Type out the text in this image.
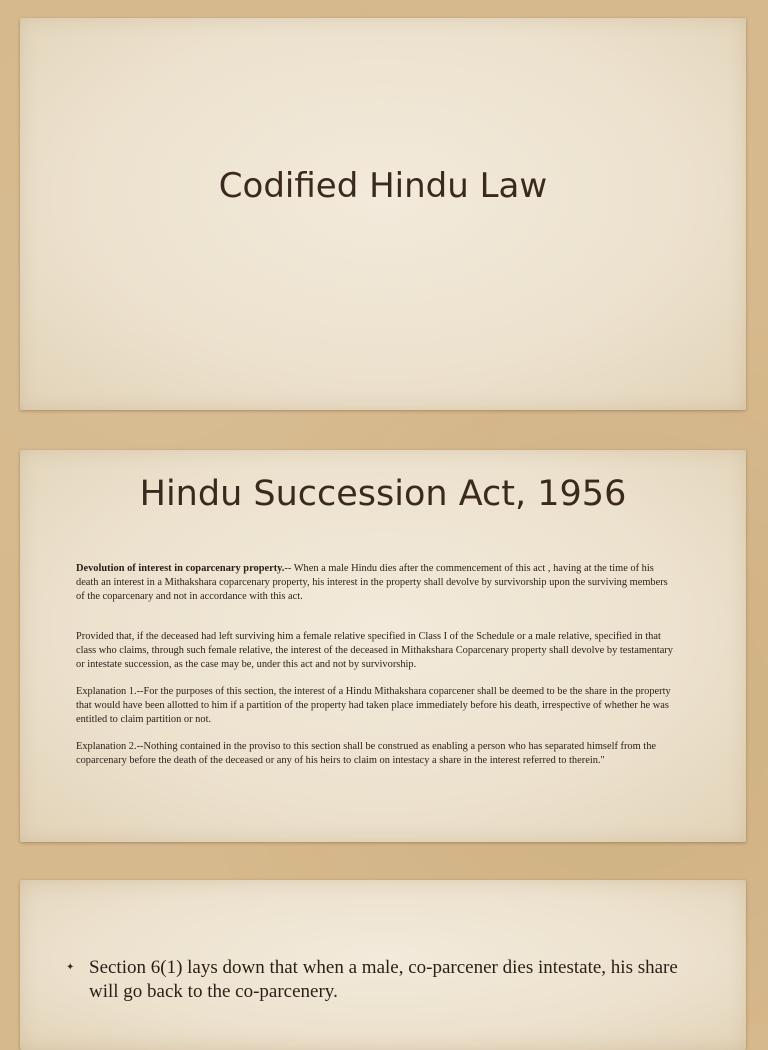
Codified Hindu Law
Hindu Succession Act, 1956

Devolution of interest in coparcenary property.-- When a male Hindu dies after the commencement of this act , having at the time of his death an interest in a Mithakshara coparcenary property, his interest in the property shall devolve by survivorship upon the surviving members of the coparcenary and not in accordance with this act.

Provided that, if the deceased had left surviving him a female relative specified in Class I of the Schedule or a male relative, specified in that class who claims, through such female relative, the interest of the deceased in Mithakshara Coparcenary property shall devolve by testamentary or intestate succession, as the case may be, under this act and not by survivorship.

Explanation 1.--For the purposes of this section, the interest of a Hindu Mithakshara coparcener shall be deemed to be the share in the property that would have been allotted to him if a partition of the property had taken place immediately before his death, irrespective of whether he was entitled to claim partition or not.

Explanation 2.--Nothing contained in the proviso to this section shall be construed as enabling a person who has separated himself from the coparcenary before the death of the deceased or any of his heirs to claim on intestacy a share in the interest referred to therein."

✦ Section 6(1) lays down that when a male, co-parcener dies intestate, his share will go back to the co-parcenery.
